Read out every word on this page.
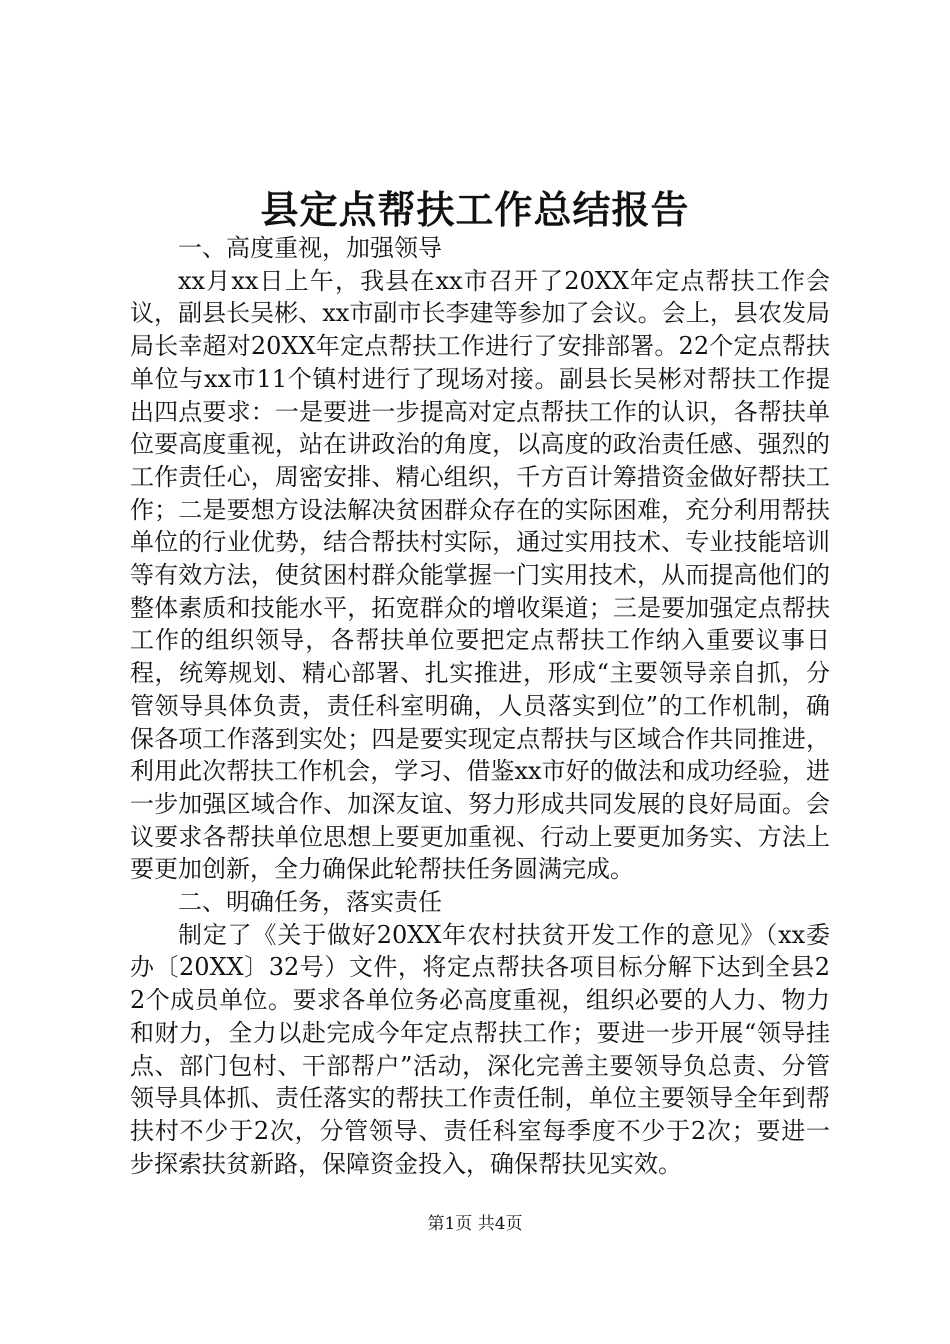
县定点帮扶工作总结报告

一、高度重视，加强领导

xx月xx日上午，我县在xx市召开了20XX年定点帮扶工作会议，副县长吴彬、xx市副市长李建等参加了会议。会上，县农发局局长幸超对20XX年定点帮扶工作进行了安排部署。22个定点帮扶单位与xx市11个镇村进行了现场对接。副县长吴彬对帮扶工作提出四点要求：一是要进一步提高对定点帮扶工作的认识，各帮扶单位要高度重视，站在讲政治的角度，以高度的政治责任感、强烈的工作责任心，周密安排、精心组织，千方百计筹措资金做好帮扶工作；二是要想方设法解决贫困群众存在的实际困难，充分利用帮扶单位的行业优势，结合帮扶村实际，通过实用技术、专业技能培训等有效方法，使贫困村群众能掌握一门实用技术，从而提高他们的整体素质和技能水平，拓宽群众的增收渠道；三是要加强定点帮扶工作的组织领导，各帮扶单位要把定点帮扶工作纳入重要议事日程，统筹规划、精心部署、扎实推进，形成“主要领导亲自抓，分管领导具体负责，责任科室明确，人员落实到位”的工作机制，确保各项工作落到实处；四是要实现定点帮扶与区域合作共同推进，利用此次帮扶工作机会，学习、借鉴xx市好的做法和成功经验，进一步加强区域合作、加深友谊、努力形成共同发展的良好局面。会议要求各帮扶单位思想上要更加重视、行动上要更加务实、方法上要更加创新，全力确保此轮帮扶任务圆满完成。

二、明确任务，落实责任

制定了《关于做好20XX年农村扶贫开发工作的意见》（xx委办〔20XX〕32号）文件，将定点帮扶各项目标分解下达到全县22个成员单位。要求各单位务必高度重视，组织必要的人力、物力和财力，全力以赴完成今年定点帮扶工作；要进一步开展“领导挂点、部门包村、干部帮户”活动，深化完善主要领导负总责、分管领导具体抓、责任落实的帮扶工作责任制，单位主要领导全年到帮扶村不少于2次，分管领导、责任科室每季度不少于2次；要进一步探索扶贫新路，保障资金投入，确保帮扶见实效。

第1页 共4页
